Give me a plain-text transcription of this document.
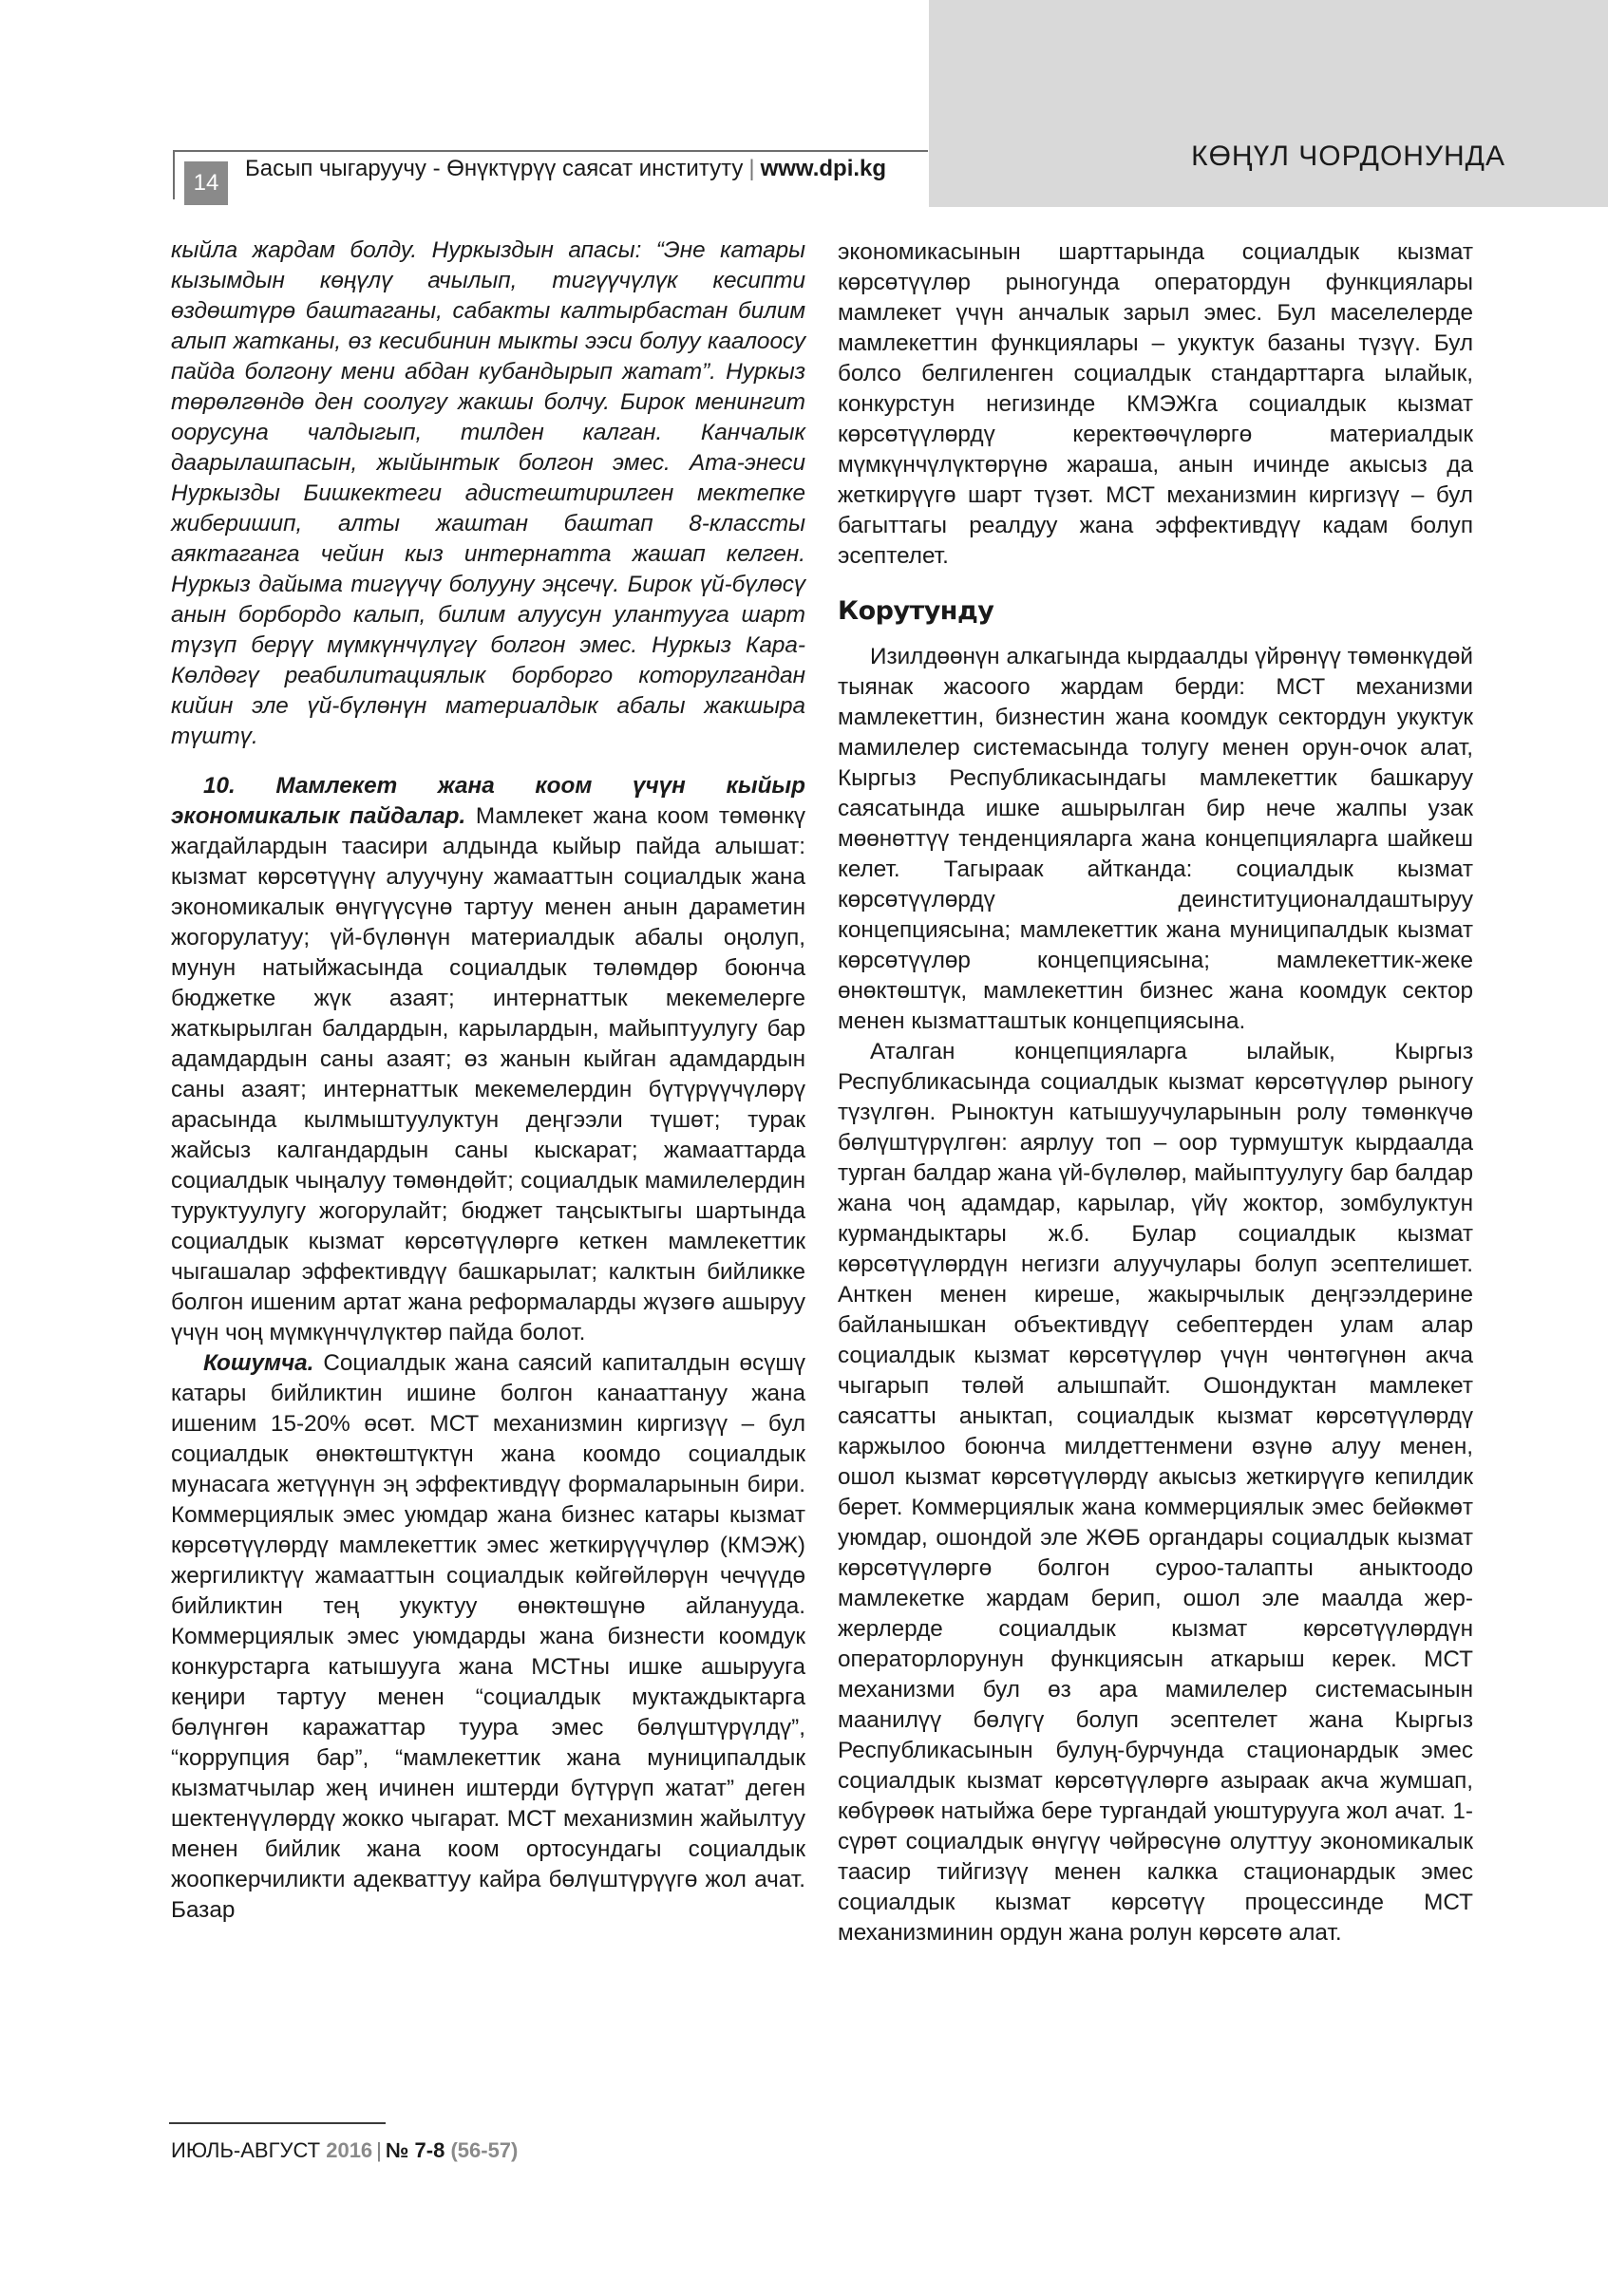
КӨҢҮЛ ЧОРДОНУНДА
14
Басып чыгаруучу - Өнүктүрүү саясат институту | www.dpi.kg

кыйла жардам болду. Нуркыздын апасы: “Эне катары кызымдын көңүлү ачылып, тигүүчүлүк кесипти өздөштүрө баштаганы, сабакты калтырбастан билим алып жатканы, өз кесибинин мыкты ээси болуу каалоосу пайда болгону мени абдан кубандырып жатат”. Нуркыз төрөлгөндө ден соолугу жакшы болчу. Бирок менингит оорусуна чалдыгып, тилден калган. Канчалык даарылашпасын, жыйынтык болгон эмес. Ата-энеси Нуркызды Бишкектеги адистештирилген мектепке жиберишип, алты жаштан баштап 8-классты аяктаганга чейин кыз интернатта жашап келген. Нуркыз дайыма тигүүчү болууну эңсечү. Бирок үй-бүлөсү анын борбордо калып, билим алуусун улантууга шарт түзүп берүү мүмкүнчүлүгү болгон эмес. Нуркыз Кара-Көлдөгү реабилитациялык борборго которулгандан кийин эле үй-бүлөнүн материалдык абалы жакшыра түштү.

10. Мамлекет жана коом үчүн кыйыр экономикалык пайдалар. Мамлекет жана коом төмөнкү жагдайлардын таасири алдында кыйыр пайда алышат: кызмат көрсөтүүнү алуучуну жамааттын социалдык жана экономикалык өнүгүүсүнө тартуу менен анын дараметин жогорулатуу; үй-бүлөнүн материалдык абалы оңолуп, мунун натыйжасында социалдык төлөмдөр боюнча бюджетке жүк азаят; интернаттык мекемелерге жаткырылган балдардын, карылардын, майыптуулугу бар адамдардын саны азаят; өз жанын кыйган адамдардын саны азаят; интернаттык мекемелердин бүтүрүүчүлөрү арасында кылмыштуулуктун деңгээли түшөт; турак жайсыз калгандардын саны кыскарат; жамааттарда социалдык чыңалуу төмөндөйт; социалдык мамилелердин туруктуулугу жогорулайт; бюджет таңсыктыгы шартында социалдык кызмат көрсөтүүлөргө кеткен мамлекеттик чыгашалар эффективдүү башкарылат; калктын бийликке болгон ишеним артат жана реформаларды жүзөгө ашыруу үчүн чоң мүмкүнчүлүктөр пайда болот.

Кошумча. Социалдык жана саясий капиталдын өсүшү катары бийликтин ишине болгон канааттануу жана ишеним 15-20% өсөт. МСТ механизмин киргизүү – бул социалдык өнөктөштүктүн жана коомдо социалдык мунасага жетүүнүн эң эффективдүү формаларынын бири. Коммерциялык эмес уюмдар жана бизнес катары кызмат көрсөтүүлөрдү мамлекеттик эмес жеткирүүчүлөр (КМЭЖ) жергиликтүү жамааттын социалдык көйгөйлөрүн чечүүдө бийликтин тең укуктуу өнөктөшүнө айланууда. Коммерциялык эмес уюмдарды жана бизнести коомдук конкурстарга катышууга жана МСТны ишке ашырууга кеңири тартуу менен “социалдык муктаждыктарга бөлүнгөн каражаттар туура эмес бөлүштүрүлдү”, “коррупция бар”, “мамлекеттик жана муниципалдык кызматчылар жең ичинен иштерди бүтүрүп жатат” деген шектенүүлөрдү жокко чыгарат. МСТ механизмин жайылтуу менен бийлик жана коом ортосундагы социалдык жоопкерчиликти адекваттуу кайра бөлүштүрүүгө жол ачат. Базар

экономикасынын шарттарында социалдык кызмат көрсөтүүлөр рыногунда оператордун функциялары мамлекет үчүн анчалык зарыл эмес. Бул маселелерде мамлекеттин функциялары – укуктук базаны түзүү. Бул болсо белгиленген социалдык стандарттарга ылайык, конкурстун негизинде КМЭЖга социалдык кызмат көрсөтүүлөрдү керектөөчүлөргө материалдык мүмкүнчүлүктөрүнө жараша, анын ичинде акысыз да жеткирүүгө шарт түзөт. МСТ механизмин киргизүү – бул багыттагы реалдуу жана эффективдүү кадам болуп эсептелет.

Корутунду

Изилдөөнүн алкагында кырдаалды үйрөнүү төмөнкүдөй тыянак жасоого жардам берди: МСТ механизми мамлекеттин, бизнестин жана коомдук сектордун укуктук мамилелер системасында толугу менен орун-очок алат, Кыргыз Республикасындагы мамлекеттик башкаруу саясатында ишке ашырылган бир нече жалпы узак мөөнөттүү тенденцияларга жана концепцияларга шайкеш келет. Тагыраак айтканда: социалдык кызмат көрсөтүүлөрдү деинституционалдаштыруу концепциясына; мамлекеттик жана муниципалдык кызмат көрсөтүүлөр концепциясына; мамлекеттик-жеке өнөктөштүк, мамлекеттин бизнес жана коомдук сектор менен кызматташтык концепциясына.

Аталган концепцияларга ылайык, Кыргыз Республикасында социалдык кызмат көрсөтүүлөр рыногу түзүлгөн. Рыноктун катышуучуларынын ролу төмөнкүчө бөлүштүрүлгөн: аярлуу топ – оор турмуштук кырдаалда турган балдар жана үй-бүлөлөр, майыптуулугу бар балдар жана чоң адамдар, карылар, үйү жоктор, зомбулуктун курмандыктары ж.б. Булар социалдык кызмат көрсөтүүлөрдүн негизги алуучулары болуп эсептелишет. Анткен менен киреше, жакырчылык деңгээлдерине байланышкан объективдүү себептерден улам алар социалдык кызмат көрсөтүүлөр үчүн чөнтөгүнөн акча чыгарып төлөй алышпайт. Ошондуктан мамлекет саясатты аныктап, социалдык кызмат көрсөтүүлөрдү каржылоо боюнча милдеттенмени өзүнө алуу менен, ошол кызмат көрсөтүүлөрдү акысыз жеткирүүгө кепилдик берет. Коммерциялык жана коммерциялык эмес бейөкмөт уюмдар, ошондой эле ЖӨБ органдары социалдык кызмат көрсөтүүлөргө болгон суроо-талапты аныктоодо мамлекетке жардам берип, ошол эле маалда жер-жерлерде социалдык кызмат көрсөтүүлөрдүн операторлорунун функциясын аткарыш керек. МСТ механизми бул өз ара мамилелер системасынын маанилүү бөлүгү болуп эсептелет жана Кыргыз Республикасынын булуң-бурчунда стационардык эмес социалдык кызмат көрсөтүүлөргө азыраак акча жумшап, көбүрөөк натыйжа бере тургандай уюштурууга жол ачат. 1-сүрөт социалдык өнүгүү чөйрөсүнө олуттуу экономикалык таасир тийгизүү менен калкка стационардык эмес социалдык кызмат көрсөтүү процессинде МСТ механизминин ордун жана ролун көрсөтө алат.

ИЮЛЬ-АВГУСТ 2016 | № 7-8 (56-57)
